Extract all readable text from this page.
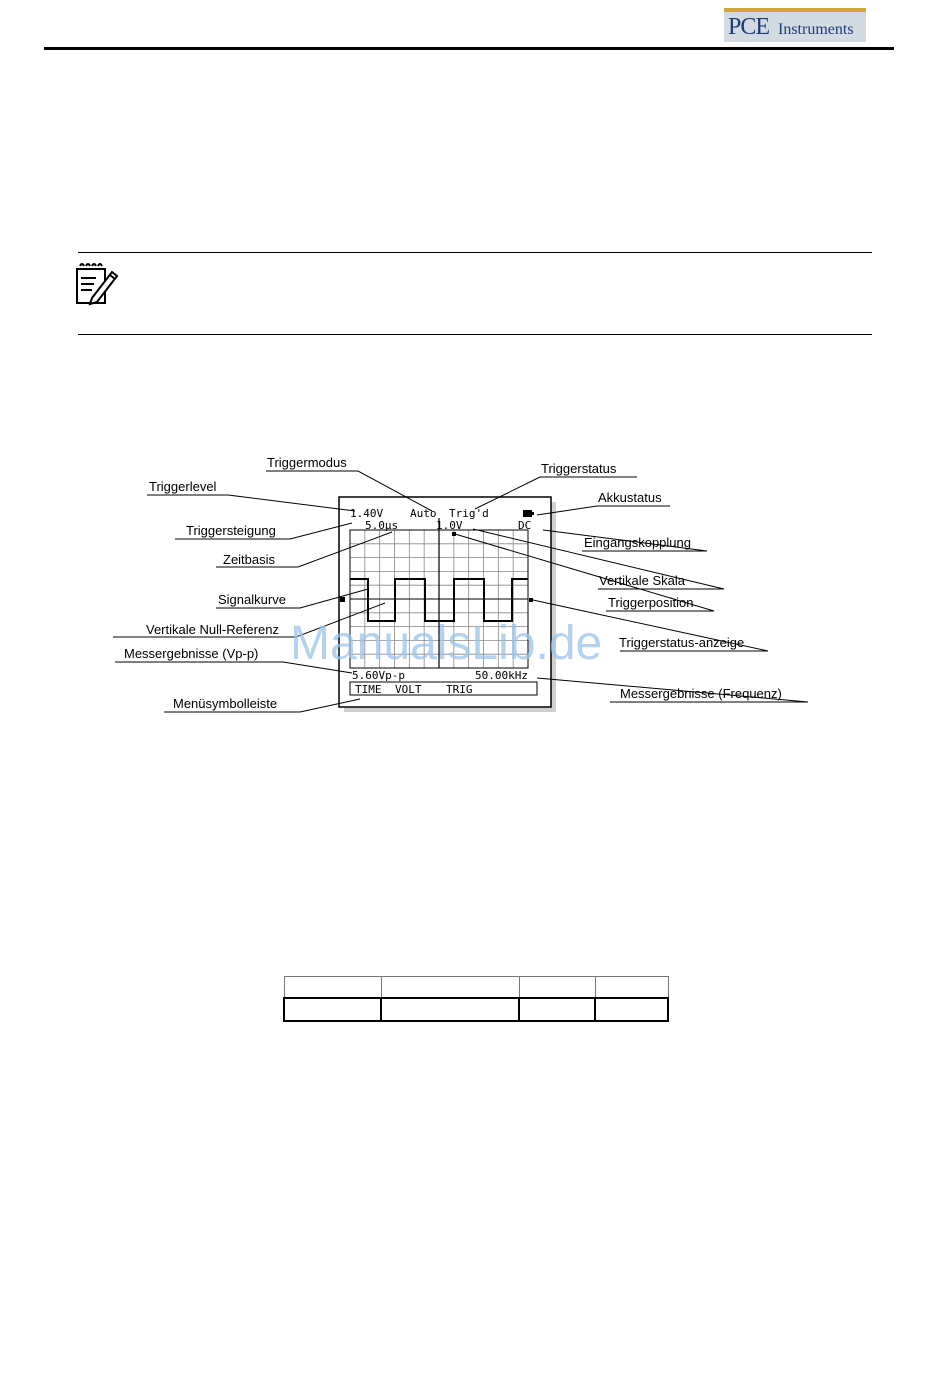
PCE Instruments
1.40V Auto Trig'd
5.0µs	1.0V	DC
5.60Vp-p	50.00kHz
TIME VOLT TRIG
Triggermodus	Triggerstatus
Triggerlevel
Akkustatus
Triggersteigung
Eingangskopplung
Zeitbasis
Vertikale Skala
Signalkurve	Triggerposition
Vertikale Null-Referenz
Triggerstatus-anzeige
Messergebnisse (Vp-p)
Messergebnisse (Frequenz)
Menüsymbolleiste
ManualsLib.de
